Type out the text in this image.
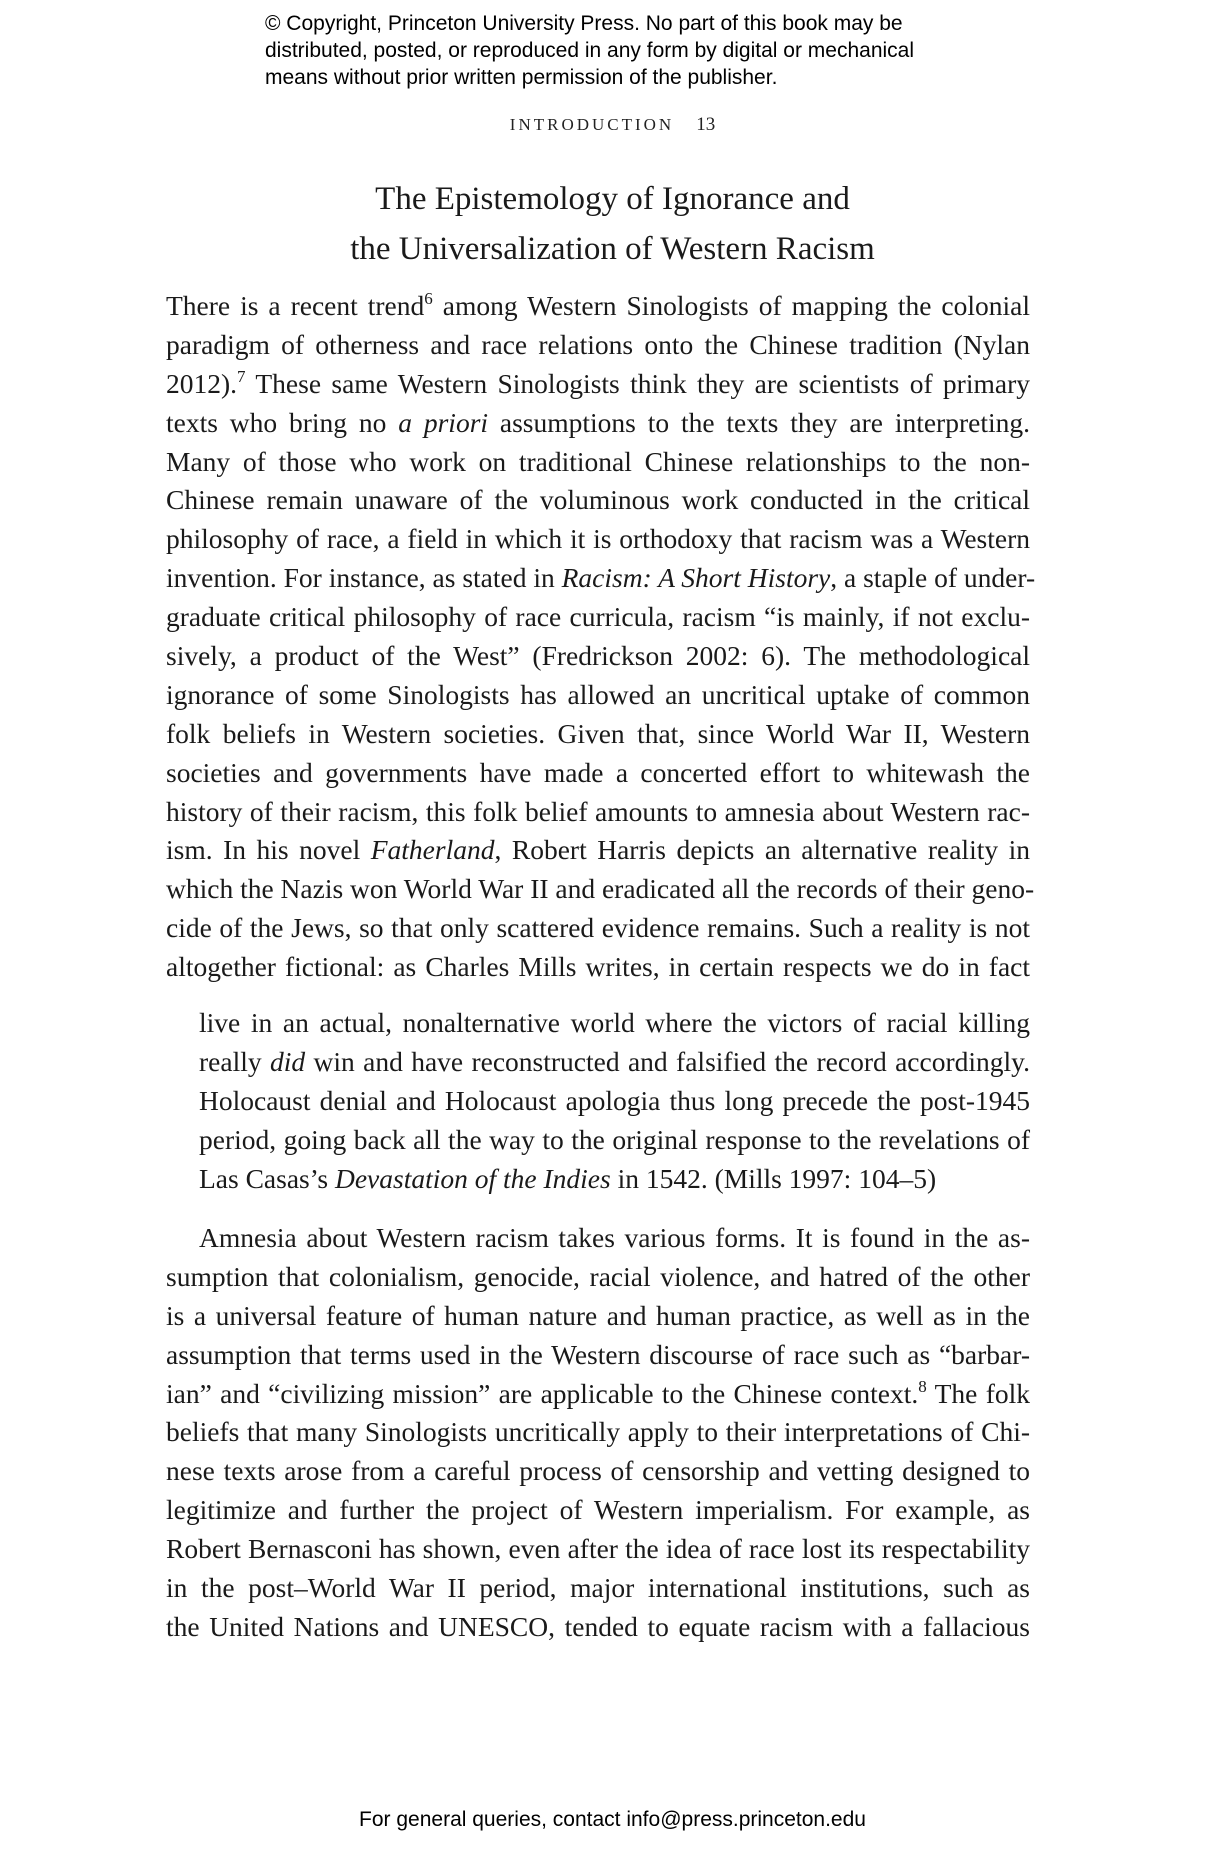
© Copyright, Princeton University Press. No part of this book may be
distributed, posted, or reproduced in any form by digital or mechanical
means without prior written permission of the publisher.
INTRODUCTION 13
The Epistemology of Ignorance and
the Universalization of Western Racism
There is a recent trend$^6$ among Western Sinologists of mapping the colonial
paradigm of otherness and race relations onto the Chinese tradition (Nylan
2012).$^7$ These same Western Sinologists think they are scientists of primary
texts who bring no a priori assumptions to the texts they are interpreting.
Many of those who work on traditional Chinese relationships to the non-
Chinese remain unaware of the voluminous work conducted in the critical
philosophy of race, a field in which it is orthodoxy that racism was a Western
invention. For instance, as stated in Racism: A Short History, a staple of under-
graduate critical philosophy of race curricula, racism “is mainly, if not exclu-
sively, a product of the West” (Fredrickson 2002: 6). The methodological
ignorance of some Sinologists has allowed an uncritical uptake of common
folk beliefs in Western societies. Given that, since World War II, Western
societies and governments have made a concerted effort to whitewash the
history of their racism, this folk belief amounts to amnesia about Western rac-
ism. In his novel Fatherland, Robert Harris depicts an alternative reality in
which the Nazis won World War II and eradicated all the records of their geno-
cide of the Jews, so that only scattered evidence remains. Such a reality is not
altogether fictional: as Charles Mills writes, in certain respects we do in fact
live in an actual, nonalternative world where the victors of racial killing
really did win and have reconstructed and falsified the record accordingly.
Holocaust denial and Holocaust apologia thus long precede the post-1945
period, going back all the way to the original response to the revelations of
Las Casas’s Devastation of the Indies in 1542. (Mills 1997: 104–5)
Amnesia about Western racism takes various forms. It is found in the as-
sumption that colonialism, genocide, racial violence, and hatred of the other
is a universal feature of human nature and human practice, as well as in the
assumption that terms used in the Western discourse of race such as “barbar-
ian” and “civilizing mission” are applicable to the Chinese context.$^8$ The folk
beliefs that many Sinologists uncritically apply to their interpretations of Chi-
nese texts arose from a careful process of censorship and vetting designed to
legitimize and further the project of Western imperialism. For example, as
Robert Bernasconi has shown, even after the idea of race lost its respectability
in the post–World War II period, major international institutions, such as
the United Nations and UNESCO, tended to equate racism with a fallacious
For general queries, contact info@press.princeton.edu
